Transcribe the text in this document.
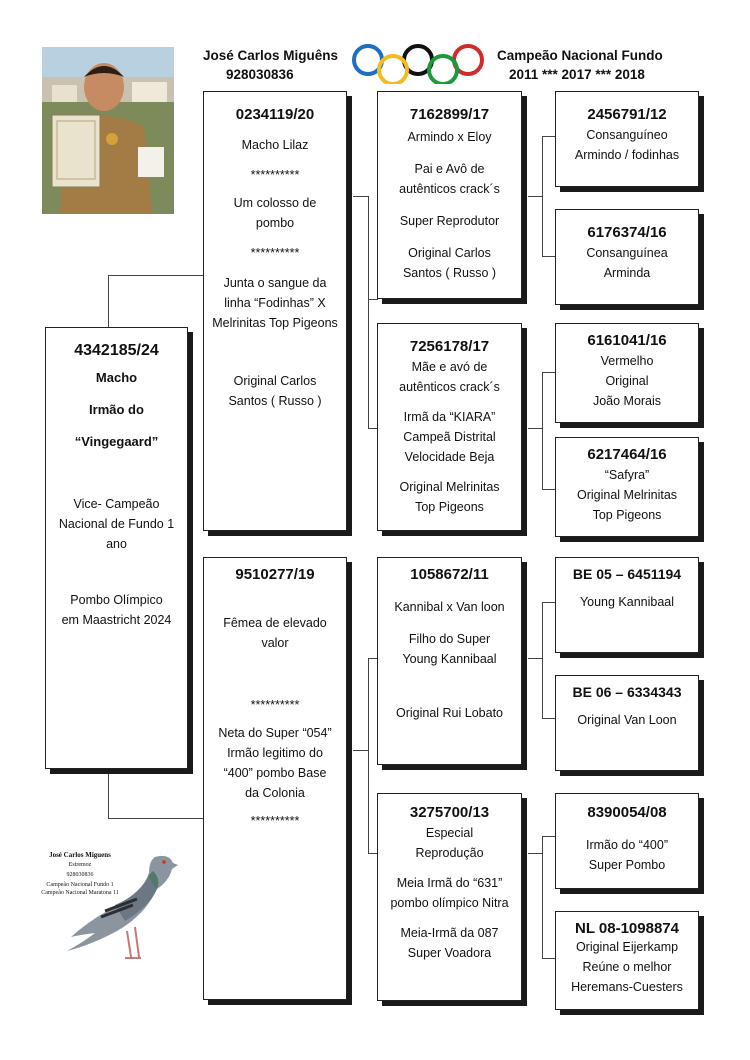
José Carlos Miguêns
928030836
Campeão Nacional Fundo
2011 *** 2017 *** 2018
4342185/24
Macho
Irmão do
“Vingegaard”
Vice- Campeão Nacional de Fundo 1 ano
Pombo Olímpico em Maastricht 2024
0234119/20
Macho Lilaz
**********
Um colosso de pombo
**********
Junta o sangue da linha “Fodinhas” X Melrinitas Top Pigeons
Original Carlos Santos ( Russo )
9510277/19
Fêmea de elevado valor
**********
Neta do Super “054” Irmão legitimo do “400” pombo Base da Colonia
**********
7162899/17
Armindo x Eloy
Pai e Avô de autênticos crack´s
Super Reprodutor
Original Carlos Santos ( Russo )
7256178/17
Mãe e avó de autênticos crack´s
Irmã da “KIARA” Campeã Distrital Velocidade Beja
Original Melrinitas Top Pigeons
1058672/11
Kannibal x Van loon
Filho do Super Young Kannibaal
Original Rui Lobato
3275700/13
Especial Reprodução
Meia Irmã do “631” pombo olímpico Nitra
Meia-Irmã da 087 Super Voadora
2456791/12
Consanguíneo
Armindo / fodinhas
6176374/16
Consanguínea
Arminda
6161041/16
Vermelho
Original
João Morais
6217464/16
“Safyra”
Original Melrinitas
Top Pigeons
BE 05 – 6451194
Young Kannibaal
BE 06 – 6334343
Original Van Loon
8390054/08
Irmão do “400”
Super Pombo
NL 08-1098874
Original Eijerkamp
Reúne o melhor
Heremans-Cuesters
José Carlos Miguens
Estremoz
928030836
Campeão Nacional Fundo 1
Campeão Nacional Maratona 11
